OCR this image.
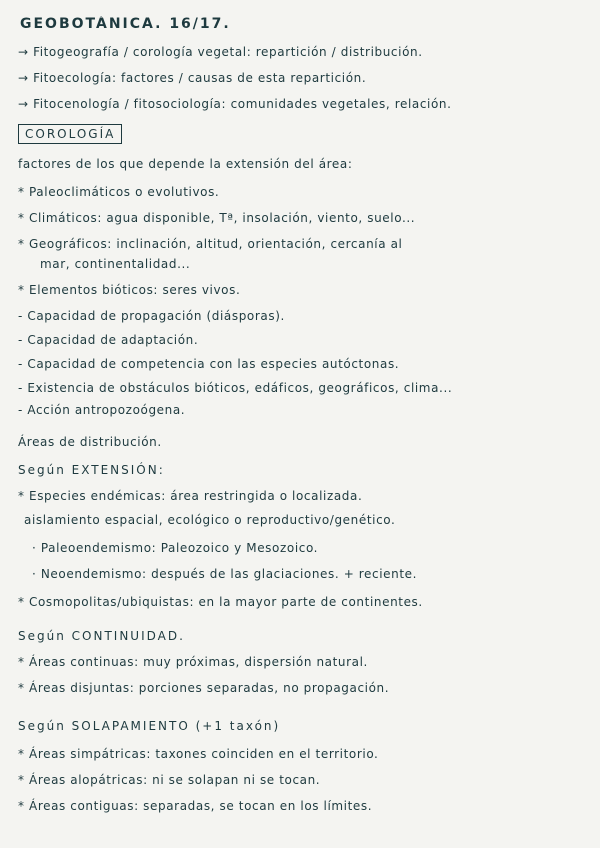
GEOBOTÁNICA. 16/17.
→ Fitogeografía / corología vegetal: repartición / distribución.
→ Fitoecología: factores / causas de esta repartición.
→ Fitocenología / fitosociología: comunidades vegetales, relación.
COROLOGÍA
factores de los que depende la extensión del área:
* Paleoclimáticos o evolutivos.
* Climáticos: agua disponible, Tª, insolación, viento, suelo...
* Geográficos: inclinación, altitud, orientación, cercanía al
mar, continentalidad...
* Elementos bióticos: seres vivos.
- Capacidad de propagación (diásporas).
- Capacidad de adaptación.
- Capacidad de competencia con las especies autóctonas.
- Existencia de obstáculos bióticos, edáficos, geográficos, clima...
- Acción antropozoógena.
Áreas de distribución.
Según EXTENSIÓN:
* Especies endémicas: área restringida o localizada.
aislamiento espacial, ecológico o reproductivo/genético.
· Paleoendemismo: Paleozoico y Mesozoico.
· Neoendemismo: después de las glaciaciones. + reciente.
* Cosmopolitas/ubiquistas: en la mayor parte de continentes.
Según CONTINUIDAD.
* Áreas continuas: muy próximas, dispersión natural.
* Áreas disjuntas: porciones separadas, no propagación.
Según SOLAPAMIENTO (+1 taxón)
* Áreas simpátricas: taxones coinciden en el territorio.
* Áreas alopátricas: ni se solapan ni se tocan.
* Áreas contiguas: separadas, se tocan en los límites.
